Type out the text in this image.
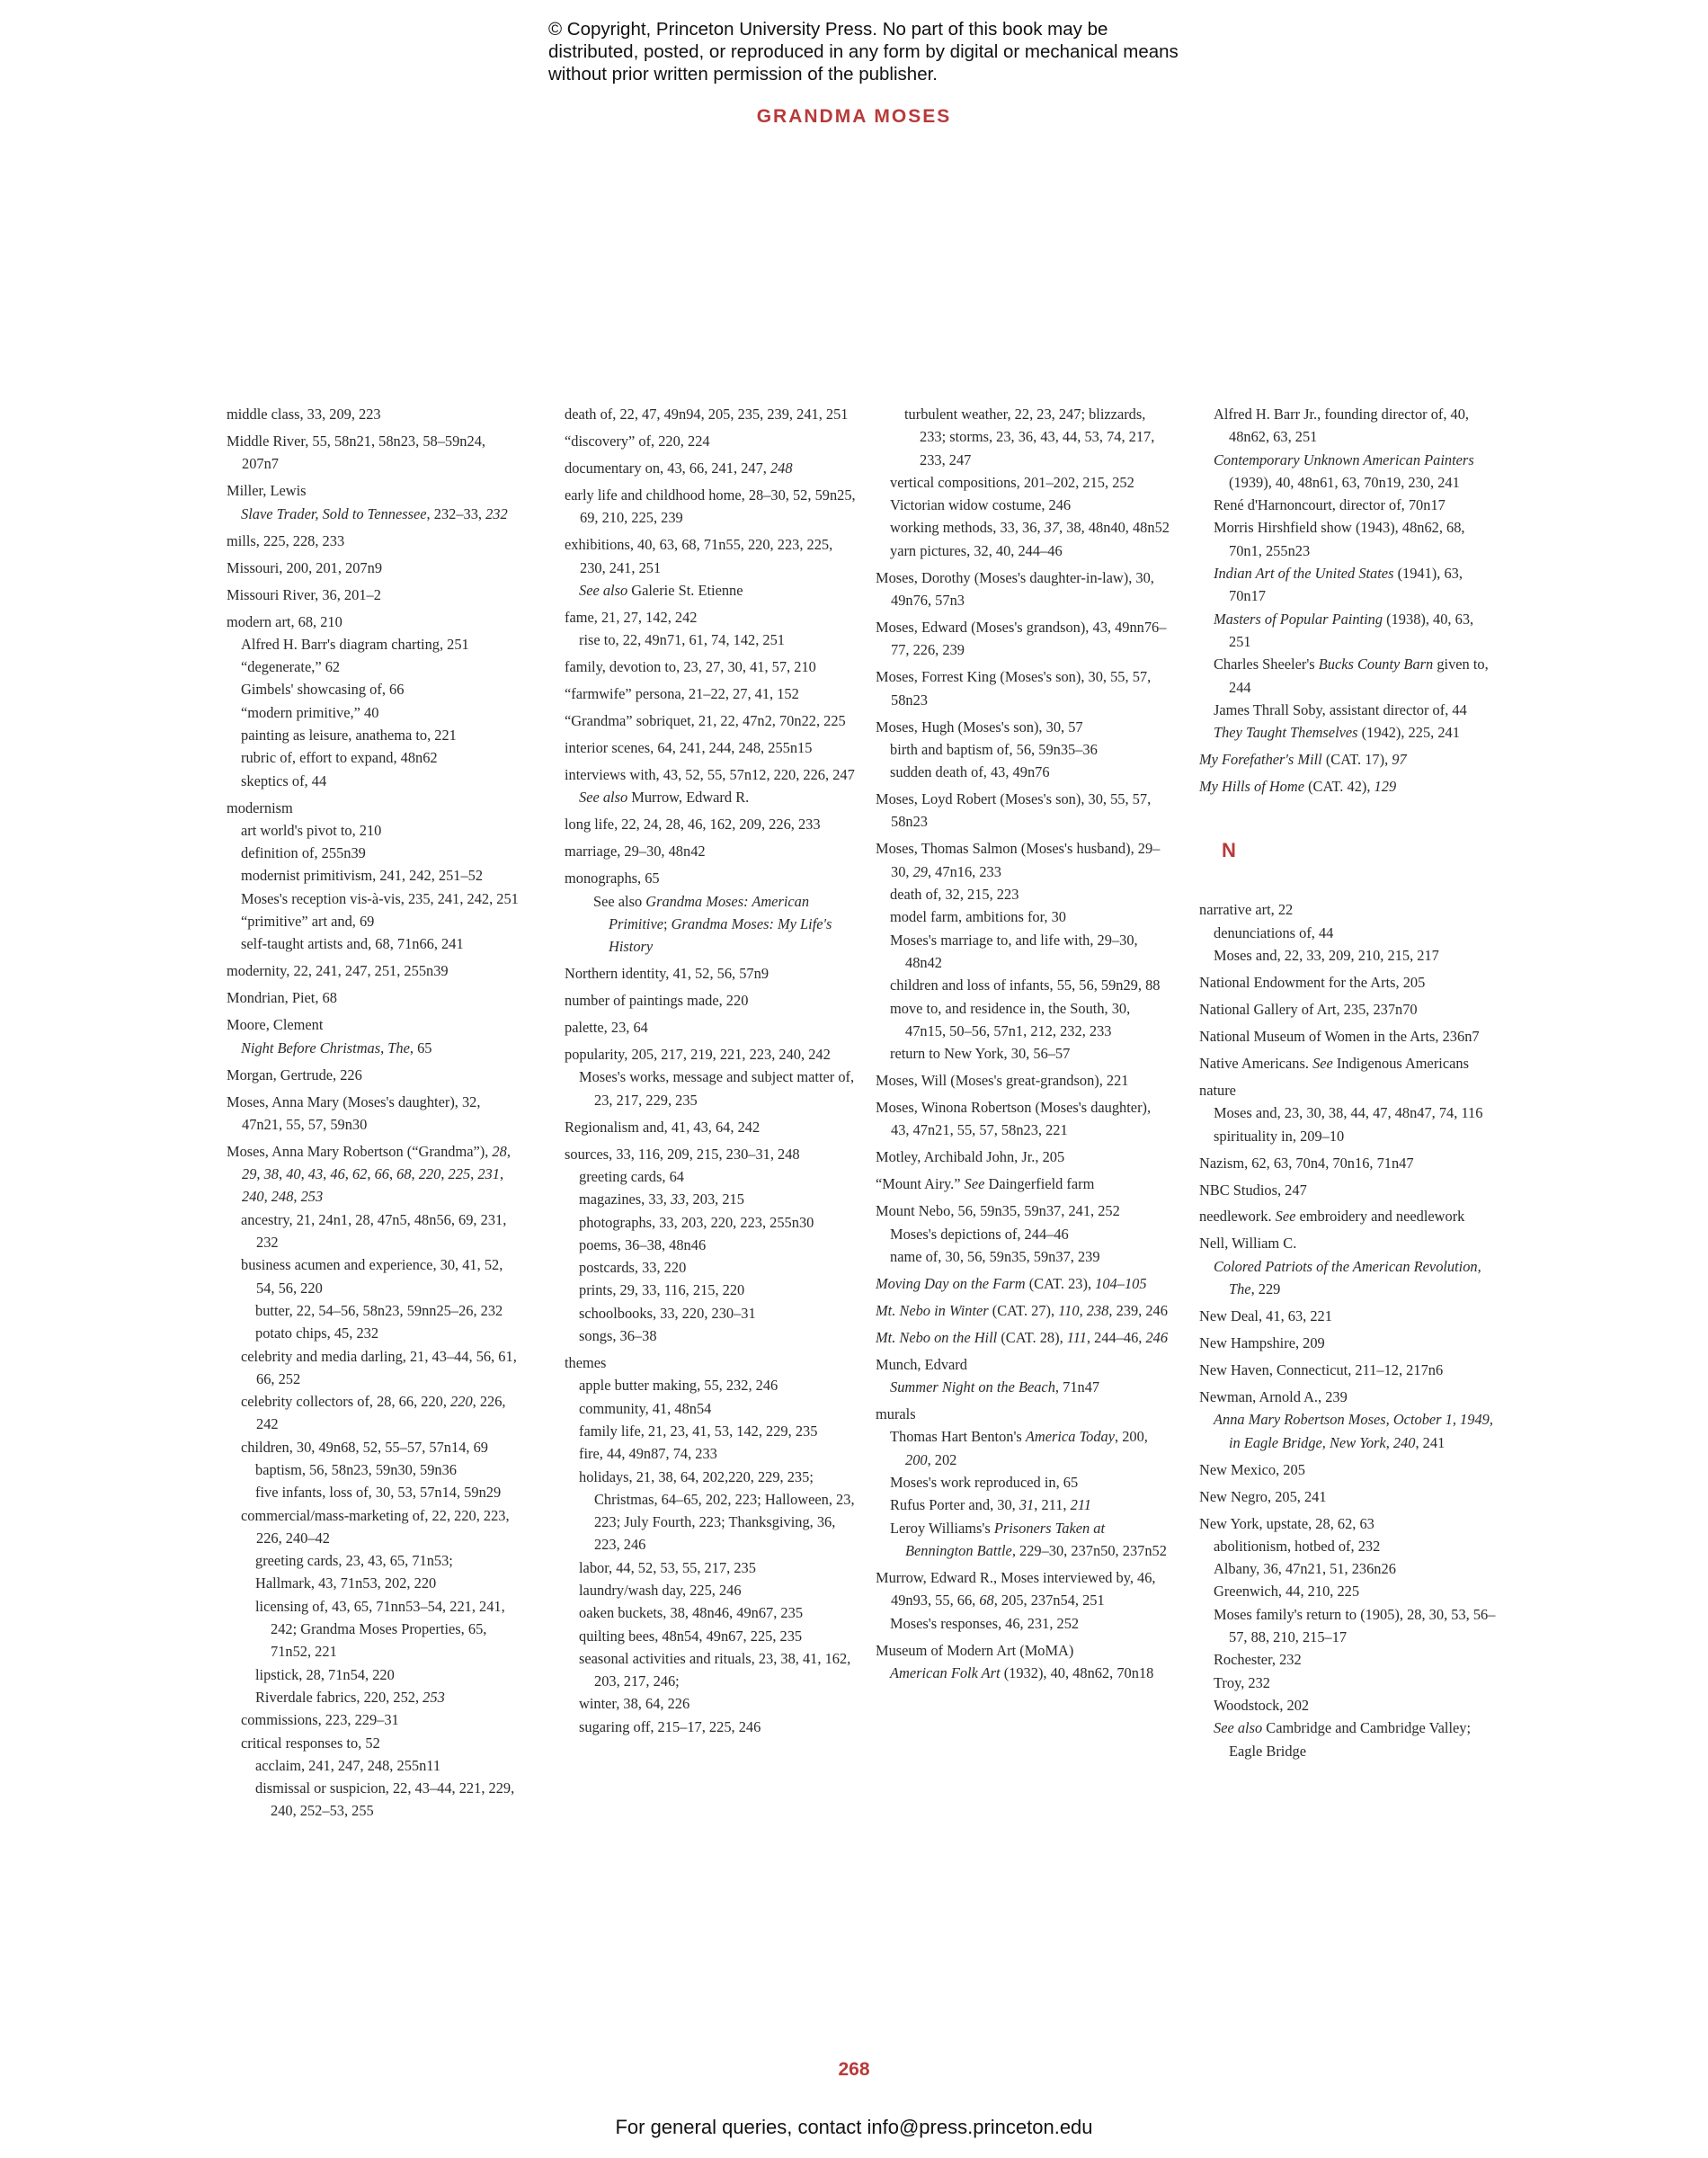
© Copyright, Princeton University Press. No part of this book may be distributed, posted, or reproduced in any form by digital or mechanical means without prior written permission of the publisher.
GRANDMA MOSES
middle class, 33, 209, 223
Middle River, 55, 58n21, 58n23, 58–59n24, 207n7
Miller, Lewis
Slave Trader, Sold to Tennessee, 232–33, 232
mills, 225, 228, 233
Missouri, 200, 201, 207n9
Missouri River, 36, 201–2
modern art, 68, 210
Alfred H. Barr's diagram charting, 251
“degenerate,” 62
Gimbels' showcasing of, 66
“modern primitive,” 40
painting as leisure, anathema to, 221
rubric of, effort to expand, 48n62
skeptics of, 44
modernism
art world's pivot to, 210
definition of, 255n39
modernist primitivism, 241, 242, 251–52
Moses's reception vis-à-vis, 235, 241, 242, 251
“primitive” art and, 69
self-taught artists and, 68, 71n66, 241
modernity, 22, 241, 247, 251, 255n39
Mondrian, Piet, 68
Moore, Clement
Night Before Christmas, The, 65
Morgan, Gertrude, 226
Moses, Anna Mary (Moses's daughter), 32, 47n21, 55, 57, 59n30
Moses, Anna Mary Robertson (“Grandma”), 28, 29, 38, 40, 43, 46, 62, 66, 68, 220, 225, 231, 240, 248, 253
ancestry, 21, 24n1, 28, 47n5, 48n56, 69, 231, 232
business acumen and experience, 30, 41, 52, 54, 56, 220
butter, 22, 54–56, 58n23, 59nn25–26, 232
potato chips, 45, 232
celebrity and media darling, 21, 43–44, 56, 61, 66, 252
celebrity collectors of, 28, 66, 220, 220, 226, 242
children, 30, 49n68, 52, 55–57, 57n14, 69
baptism, 56, 58n23, 59n30, 59n36
five infants, loss of, 30, 53, 57n14, 59n29
commercial/mass-marketing of, 22, 220, 223, 226, 240–42
greeting cards, 23, 43, 65, 71n53;
Hallmark, 43, 71n53, 202, 220
licensing of, 43, 65, 71nn53–54, 221, 241, 242; Grandma Moses Properties, 65, 71n52, 221
lipstick, 28, 71n54, 220
Riverdale fabrics, 220, 252, 253
commissions, 223, 229–31
critical responses to, 52
acclaim, 241, 247, 248, 255n11
dismissal or suspicion, 22, 43–44, 221, 229, 240, 252–53, 255
death of, 22, 47, 49n94, 205, 235, 239, 241, 251
“discovery” of, 220, 224
documentary on, 43, 66, 241, 247, 248
early life and childhood home, 28–30, 52, 59n25, 69, 210, 225, 239
exhibitions, 40, 63, 68, 71n55, 220, 223, 225, 230, 241, 251
See also Galerie St. Etienne
fame, 21, 27, 142, 242
rise to, 22, 49n71, 61, 74, 142, 251
family, devotion to, 23, 27, 30, 41, 57, 210
“farmwife” persona, 21–22, 27, 41, 152
“Grandma” sobriquet, 21, 22, 47n2, 70n22, 225
interior scenes, 64, 241, 244, 248, 255n15
interviews with, 43, 52, 55, 57n12, 220, 226, 247
See also Murrow, Edward R.
long life, 22, 24, 28, 46, 162, 209, 226, 233
marriage, 29–30, 48n42
monographs, 65
See also Grandma Moses: American Primitive; Grandma Moses: My Life's History
Northern identity, 41, 52, 56, 57n9
number of paintings made, 220
palette, 23, 64
popularity, 205, 217, 219, 221, 223, 240, 242
Moses's works, message and subject matter of, 23, 217, 229, 235
Regionalism and, 41, 43, 64, 242
sources, 33, 116, 209, 215, 230–31, 248
greeting cards, 64
magazines, 33, 33, 203, 215
photographs, 33, 203, 220, 223, 255n30
poems, 36–38, 48n46
postcards, 33, 220
prints, 29, 33, 116, 215, 220
schoolbooks, 33, 220, 230–31
songs, 36–38
themes
apple butter making, 55, 232, 246
community, 41, 48n54
family life, 21, 23, 41, 53, 142, 229, 235
fire, 44, 49n87, 74, 233
holidays, 21, 38, 64, 202,220, 229, 235; Christmas, 64–65, 202, 223; Halloween, 23, 223; July Fourth, 223; Thanksgiving, 36, 223, 246
labor, 44, 52, 53, 55, 217, 235
laundry/wash day, 225, 246
oaken buckets, 38, 48n46, 49n67, 235
quilting bees, 48n54, 49n67, 225, 235
seasonal activities and rituals, 23, 38, 41, 162, 203, 217, 246;
winter, 38, 64, 226
sugaring off, 215–17, 225, 246
turbulent weather, 22, 23, 247; blizzards, 233; storms, 23, 36, 43, 44, 53, 74, 217, 233, 247
vertical compositions, 201–202, 215, 252
Victorian widow costume, 246
working methods, 33, 36, 37, 38, 48n40, 48n52
yarn pictures, 32, 40, 244–46
Moses, Dorothy (Moses's daughter-in-law), 30, 49n76, 57n3
Moses, Edward (Moses's grandson), 43, 49nn76–77, 226, 239
Moses, Forrest King (Moses's son), 30, 55, 57, 58n23
Moses, Hugh (Moses's son), 30, 57
birth and baptism of, 56, 59n35–36
sudden death of, 43, 49n76
Moses, Loyd Robert (Moses's son), 30, 55, 57, 58n23
Moses, Thomas Salmon (Moses's husband), 29–30, 29, 47n16, 233
death of, 32, 215, 223
model farm, ambitions for, 30
Moses's marriage to, and life with, 29–30, 48n42
children and loss of infants, 55, 56, 59n29, 88
move to, and residence in, the South, 30, 47n15, 50–56, 57n1, 212, 232, 233
return to New York, 30, 56–57
Moses, Will (Moses's great-grandson), 221
Moses, Winona Robertson (Moses's daughter), 43, 47n21, 55, 57, 58n23, 221
Motley, Archibald John, Jr., 205
“Mount Airy.” See Daingerfield farm
Mount Nebo, 56, 59n35, 59n37, 241, 252
Moses's depictions of, 244–46
name of, 30, 56, 59n35, 59n37, 239
Moving Day on the Farm (CAT. 23), 104–105
Mt. Nebo in Winter (CAT. 27), 110, 238, 239, 246
Mt. Nebo on the Hill (CAT. 28), 111, 244–46, 246
Munch, Edvard
Summer Night on the Beach, 71n47
murals
Thomas Hart Benton's America Today, 200, 200, 202
Moses's work reproduced in, 65
Rufus Porter and, 30, 31, 211, 211
Leroy Williams's Prisoners Taken at Bennington Battle, 229–30, 237n50, 237n52
Murrow, Edward R., Moses interviewed by, 46, 49n93, 55, 66, 68, 205, 237n54, 251
Moses's responses, 46, 231, 252
Museum of Modern Art (MoMA)
American Folk Art (1932), 40, 48n62, 70n18
Alfred H. Barr Jr., founding director of, 40, 48n62, 63, 251
Contemporary Unknown American Painters (1939), 40, 48n61, 63, 70n19, 230, 241
René d'Harnoncourt, director of, 70n17
Morris Hirshfield show (1943), 48n62, 68, 70n1, 255n23
Indian Art of the United States (1941), 63, 70n17
Masters of Popular Painting (1938), 40, 63, 251
Charles Sheeler's Bucks County Barn given to, 244
James Thrall Soby, assistant director of, 44
They Taught Themselves (1942), 225, 241
My Forefather's Mill (CAT. 17), 97
My Hills of Home (CAT. 42), 129
N
narrative art, 22
denunciations of, 44
Moses and, 22, 33, 209, 210, 215, 217
National Endowment for the Arts, 205
National Gallery of Art, 235, 237n70
National Museum of Women in the Arts, 236n7
Native Americans. See Indigenous Americans
nature
Moses and, 23, 30, 38, 44, 47, 48n47, 74, 116
spirituality in, 209–10
Nazism, 62, 63, 70n4, 70n16, 71n47
NBC Studios, 247
needlework. See embroidery and needlework
Nell, William C.
Colored Patriots of the American Revolution, The, 229
New Deal, 41, 63, 221
New Hampshire, 209
New Haven, Connecticut, 211–12, 217n6
Newman, Arnold A., 239
Anna Mary Robertson Moses, October 1, 1949, in Eagle Bridge, New York, 240, 241
New Mexico, 205
New Negro, 205, 241
New York, upstate, 28, 62, 63
abolitionism, hotbed of, 232
Albany, 36, 47n21, 51, 236n26
Greenwich, 44, 210, 225
Moses family's return to (1905), 28, 30, 53, 56–57, 88, 210, 215–17
Rochester, 232
Troy, 232
Woodstock, 202
See also Cambridge and Cambridge Valley; Eagle Bridge
268
For general queries, contact info@press.princeton.edu
